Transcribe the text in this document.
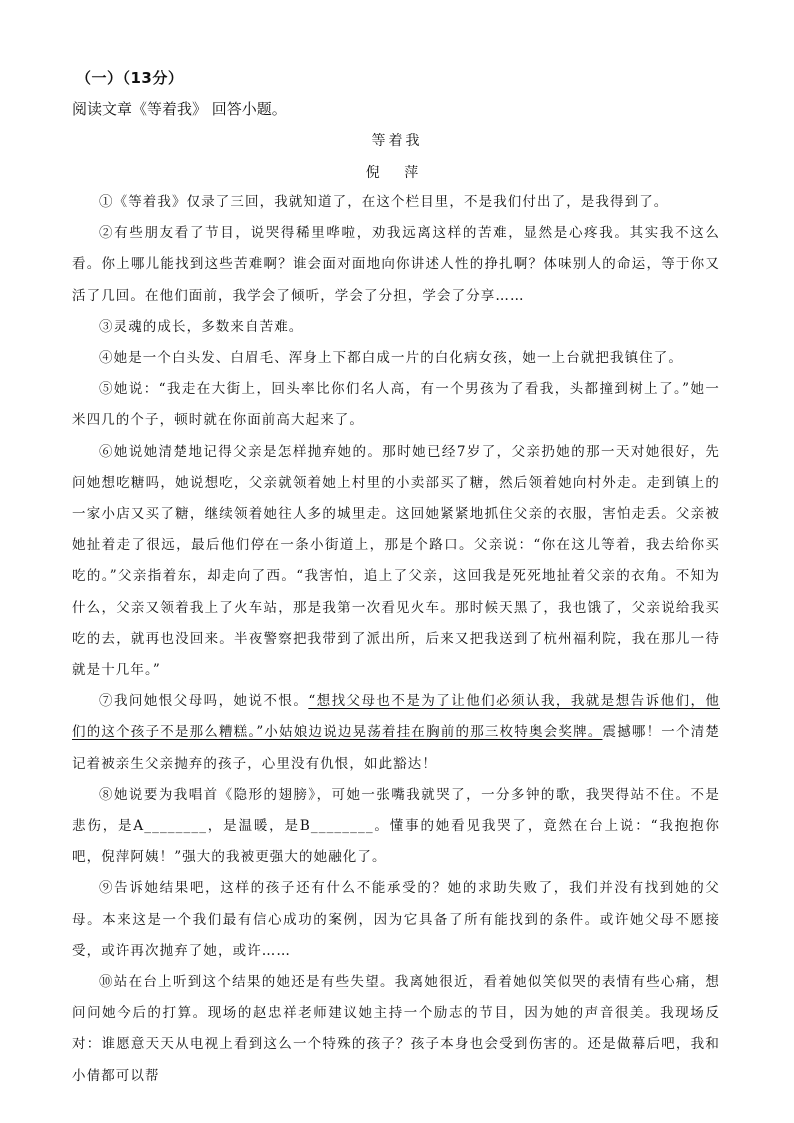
（一）（13分）
阅读文章《等着我》 回答小题。
等着我
倪 萍

①《等着我》仅录了三回，我就知道了，在这个栏目里，不是我们付出了，是我得到了。

②有些朋友看了节目，说哭得稀里哗啦，劝我远离这样的苦难，显然是心疼我。其实我不这么看。你上哪儿能找到这些苦难啊？谁会面对面地向你讲述人性的挣扎啊？体味别人的命运，等于你又活了几回。在他们面前，我学会了倾听，学会了分担，学会了分享……

③灵魂的成长，多数来自苦难。

④她是一个白头发、白眉毛、浑身上下都白成一片的白化病女孩，她一上台就把我镇住了。

⑤她说：“我走在大街上，回头率比你们名人高，有一个男孩为了看我，头都撞到树上了。”她一米四几的个子，顿时就在你面前高大起来了。

⑥她说她清楚地记得父亲是怎样抛弃她的。那时她已经7岁了，父亲扔她的那一天对她很好，先问她想吃糖吗，她说想吃，父亲就领着她上村里的小卖部买了糖，然后领着她向村外走。走到镇上的一家小店又买了糖，继续领着她往人多的城里走。这回她紧紧地抓住父亲的衣服，害怕走丢。父亲被她扯着走了很远，最后他们停在一条小街道上，那是个路口。父亲说：“你在这儿等着，我去给你买吃的。”父亲指着东，却走向了西。“我害怕，追上了父亲，这回我是死死地扯着父亲的衣角。不知为什么，父亲又领着我上了火车站，那是我第一次看见火车。那时候天黑了，我也饿了，父亲说给我买吃的去，就再也没回来。半夜警察把我带到了派出所，后来又把我送到了杭州福利院，我在那儿一待就是十几年。”

⑦我问她恨父母吗，她说不恨。“想找父母也不是为了让他们必须认我，我就是想告诉他们，他们的这个孩子不是那么糟糕。”小姑娘边说边晃荡着挂在胸前的那三枚特奥会奖牌。震撼哪！一个清楚记着被亲生父亲抛弃的孩子，心里没有仇恨，如此豁达！

⑧她说要为我唱首《隐形的翅膀》，可她一张嘴我就哭了，一分多钟的歌，我哭得站不住。不是悲伤，是A________，是温暖，是B________。懂事的她看见我哭了，竟然在台上说：“我抱抱你吧，倪萍阿姨！”强大的我被更强大的她融化了。

⑨告诉她结果吧，这样的孩子还有什么不能承受的？她的求助失败了，我们并没有找到她的父母。本来这是一个我们最有信心成功的案例，因为它具备了所有能找到的条件。或许她父母不愿接受，或许再次抛弃了她，或许……

⑩站在台上听到这个结果的她还是有些失望。我离她很近，看着她似笑似哭的表情有些心痛，想问问她今后的打算。现场的赵忠祥老师建议她主持一个励志的节目，因为她的声音很美。我现场反对：谁愿意天天从电视上看到这么一个特殊的孩子？孩子本身也会受到伤害的。还是做幕后吧，我和小倩都可以帮
